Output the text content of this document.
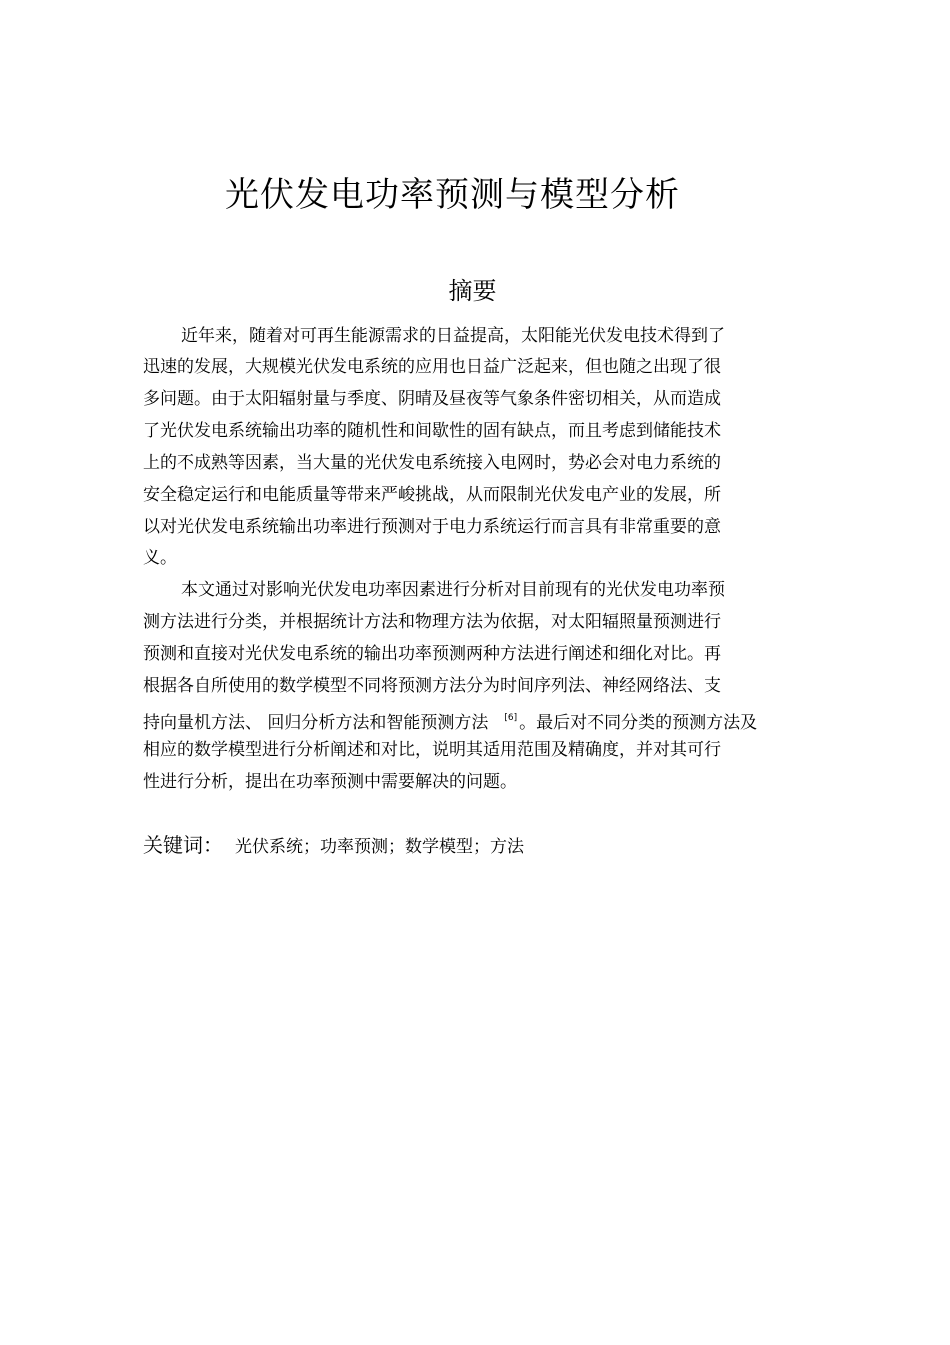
光伏发电功率预测与模型分析
摘要
近年来，随着对可再生能源需求的日益提高，太阳能光伏发电技术得到了
迅速的发展，大规模光伏发电系统的应用也日益广泛起来，但也随之出现了很
多问题。由于太阳辐射量与季度、阴晴及昼夜等气象条件密切相关，从而造成
了光伏发电系统输出功率的随机性和间歇性的固有缺点，而且考虑到储能技术
上的不成熟等因素，当大量的光伏发电系统接入电网时，势必会对电力系统的
安全稳定运行和电能质量等带来严峻挑战，从而限制光伏发电产业的发展，所
以对光伏发电系统输出功率进行预测对于电力系统运行而言具有非常重要的意
义。
本文通过对影响光伏发电功率因素进行分析对目前现有的光伏发电功率预
测方法进行分类，并根据统计方法和物理方法为依据，对太阳辐照量预测进行
预测和直接对光伏发电系统的输出功率预测两种方法进行阐述和细化对比。再
根据各自所使用的数学模型不同将预测方法分为时间序列法、神经网络法、支
持向量机方法、 回归分析方法和智能预测方法 [6] 。最后对不同分类的预测方法及
相应的数学模型进行分析阐述和对比，说明其适用范围及精确度，并对其可行
性进行分析，提出在功率预测中需要解决的问题。
关键词： 光伏系统；功率预测；数学模型；方法
